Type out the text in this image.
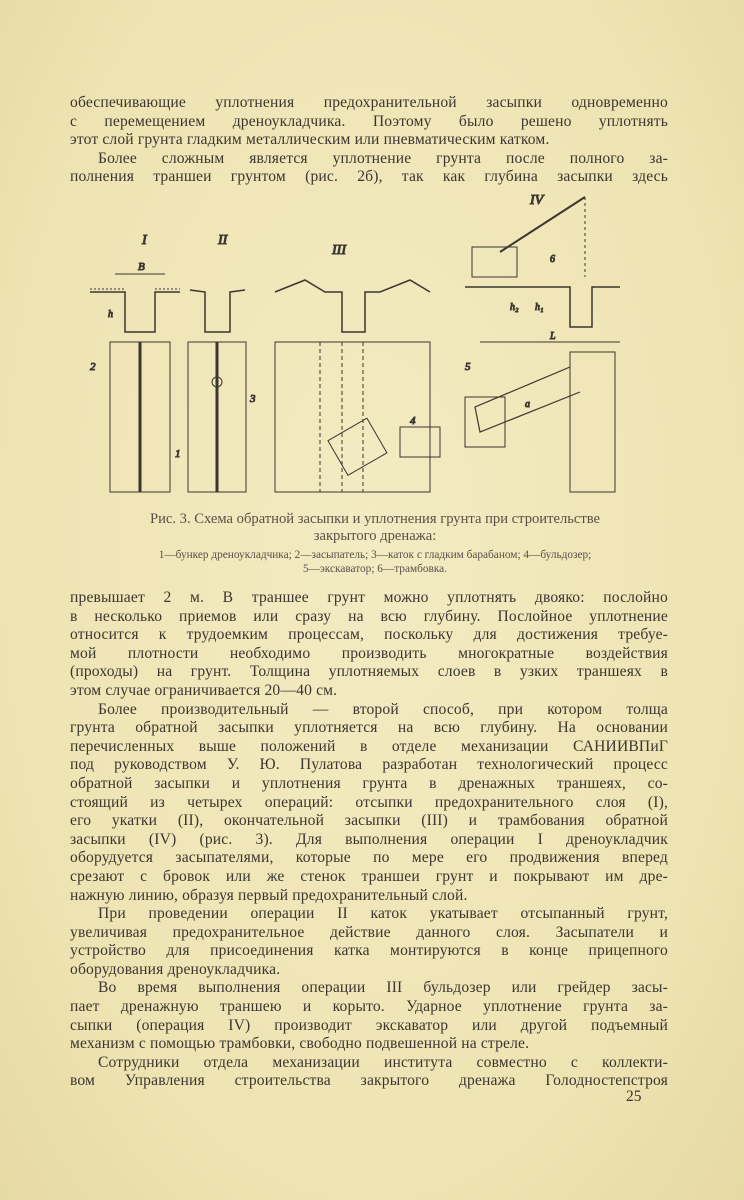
обеспечивающие уплотнения предохранительной засыпки одновременно
с перемещением дреноукладчика. Поэтому было решено уплотнять
этот слой грунта гладким металлическим или пневматическим катком.
Более сложным является уплотнение грунта после полного за-
полнения траншеи грунтом (рис. 2б), так как глубина засыпки здесь
I
B
h
2
1
II
3
III
4
IV
h₂ h₁
6
L
5
a
Рис. 3. Схема обратной засыпки и уплотнения грунта при строительстве
закрытого дренажа:
1—бункер дреноукладчика; 2—засыпатель; 3—каток с гладким барабаном; 4—бульдозер;
5—экскаватор; 6—трамбовка.
превышает 2 м. В траншее грунт можно уплотнять двояко: послойно
в несколько приемов или сразу на всю глубину. Послойное уплотнение
относится к трудоемким процессам, поскольку для достижения требуе-
мой плотности необходимо производить многократные воздействия
(проходы) на грунт. Толщина уплотняемых слоев в узких траншеях в
этом случае ограничивается 20—40 см.
Более производительный — второй способ, при котором толща
грунта обратной засыпки уплотняется на всю глубину. На основании
перечисленных выше положений в отделе механизации САНИИВПиГ
под руководством У. Ю. Пулатова разработан технологический процесс
обратной засыпки и уплотнения грунта в дренажных траншеях, со-
стоящий из четырех операций: отсыпки предохранительного слоя (I),
его укатки (II), окончательной засыпки (III) и трамбования обратной
засыпки (IV) (рис. 3). Для выполнения операции I дреноукладчик
оборудуется засыпателями, которые по мере его продвижения вперед
срезают с бровок или же стенок траншеи грунт и покрывают им дре-
нажную линию, образуя первый предохранительный слой.
При проведении операции II каток укатывает отсыпанный грунт,
увеличивая предохранительное действие данного слоя. Засыпатели и
устройство для присоединения катка монтируются в конце прицепного
оборудования дреноукладчика.
Во время выполнения операции III бульдозер или грейдер засы-
пает дренажную траншею и корыто. Ударное уплотнение грунта за-
сыпки (операция IV) производит экскаватор или другой подъемный
механизм с помощью трамбовки, свободно подвешенной на стреле.
Сотрудники отдела механизации института совместно с коллекти-
вом Управления строительства закрытого дренажа Голодностепстроя
25
